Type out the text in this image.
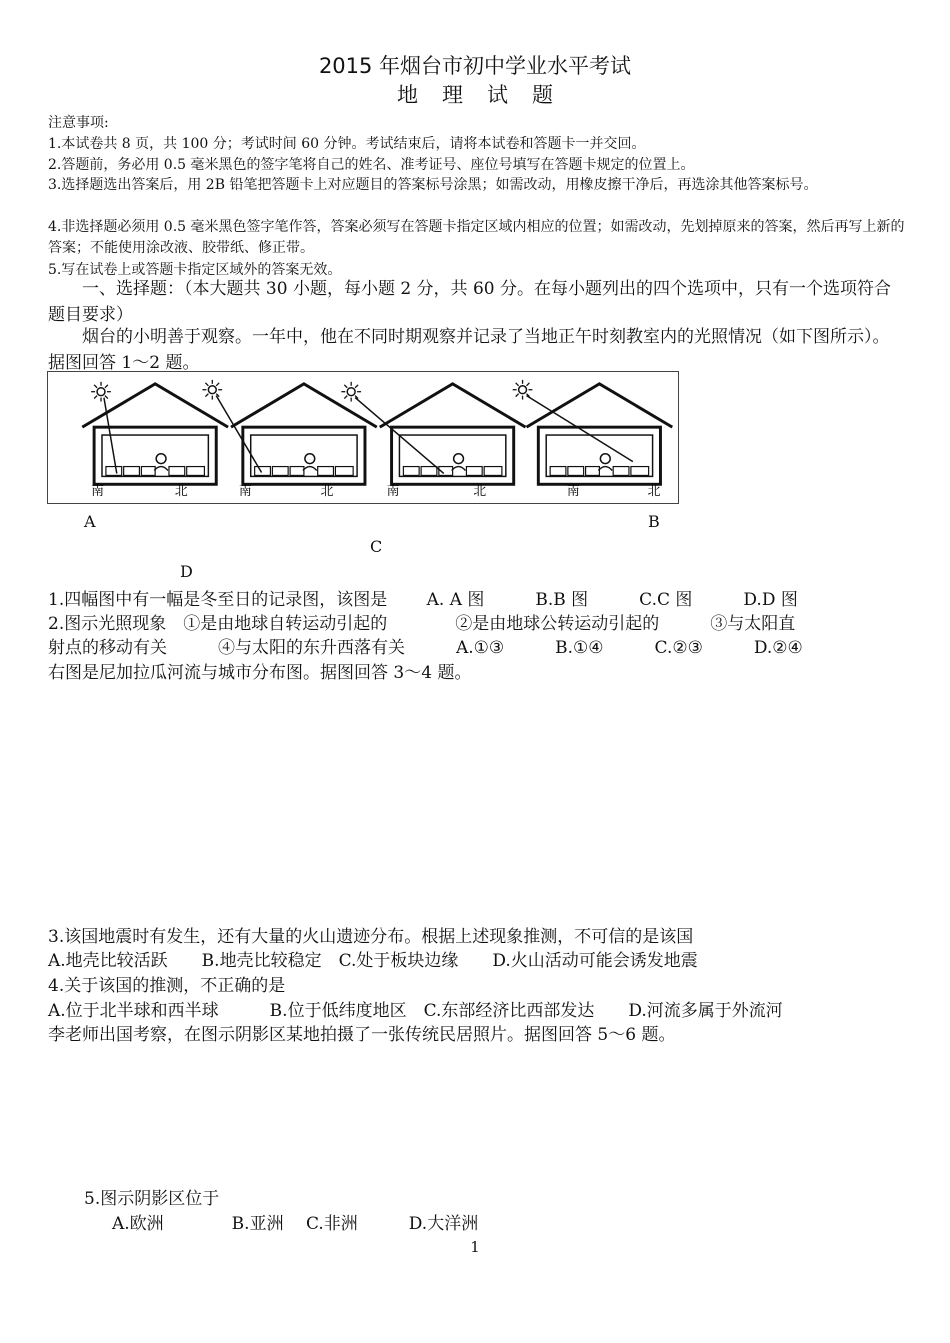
2015 年烟台市初中学业水平考试
地理试题
注意事项:
1.本试卷共 8 页，共 100 分；考试时间 60 分钟。考试结束后，请将本试卷和答题卡一并交回。
2.答题前，务必用 0.5 毫米黑色的签字笔将自己的姓名、准考证号、座位号填写在答题卡规定的位置上。
3.选择题选出答案后，用 2B 铅笔把答题卡上对应题目的答案标号涂黑；如需改动，用橡皮擦干净后，再选涂其他答案标号。
4.非选择题必须用 0.5 毫米黑色签字笔作答，答案必须写在答题卡指定区域内相应的位置；如需改动，先划掉原来的答案，然后再写上新的答案；不能使用涂改液、胶带纸、修正带。
5.写在试卷上或答题卡指定区域外的答案无效。
一、选择题：（本大题共 30 小题，每小题 2 分，共 60 分。在每小题列出的四个选项中，只有一个选项符合题目要求）
烟台的小明善于观察。一年中，他在不同时期观察并记录了当地正午时刻教室内的光照情况（如下图所示）。据图回答 1～2 题。
南	北	南	北	南	北	南	北
A	B
C
D
1.四幅图中有一幅是冬至日的记录图，该图是　　 A. A 图　　　B.B 图　　　C.C 图　　　D.D 图
2.图示光照现象　①是由地球自转运动引起的　　　　②是由地球公转运动引起的　　　③与太阳直
射点的移动有关　　　④与太阳的东升西落有关　　　A.①③　　　B.①④　　　C.②③　　　D.②④
右图是尼加拉瓜河流与城市分布图。据图回答 3～4 题。
3.该国地震时有发生，还有大量的火山遗迹分布。根据上述现象推测，不可信的是该国
A.地壳比较活跃　　B.地壳比较稳定　C.处于板块边缘　　D.火山活动可能会诱发地震
4.关于该国的推测，不正确的是
A.位于北半球和西半球　　　B.位于低纬度地区　C.东部经济比西部发达　　D.河流多属于外流河
李老师出国考察，在图示阴影区某地拍摄了一张传统民居照片。据图回答 5～6 题。
5.图示阴影区位于
A.欧洲　　　　B.亚洲　 C.非洲　　　D.大洋洲
1
